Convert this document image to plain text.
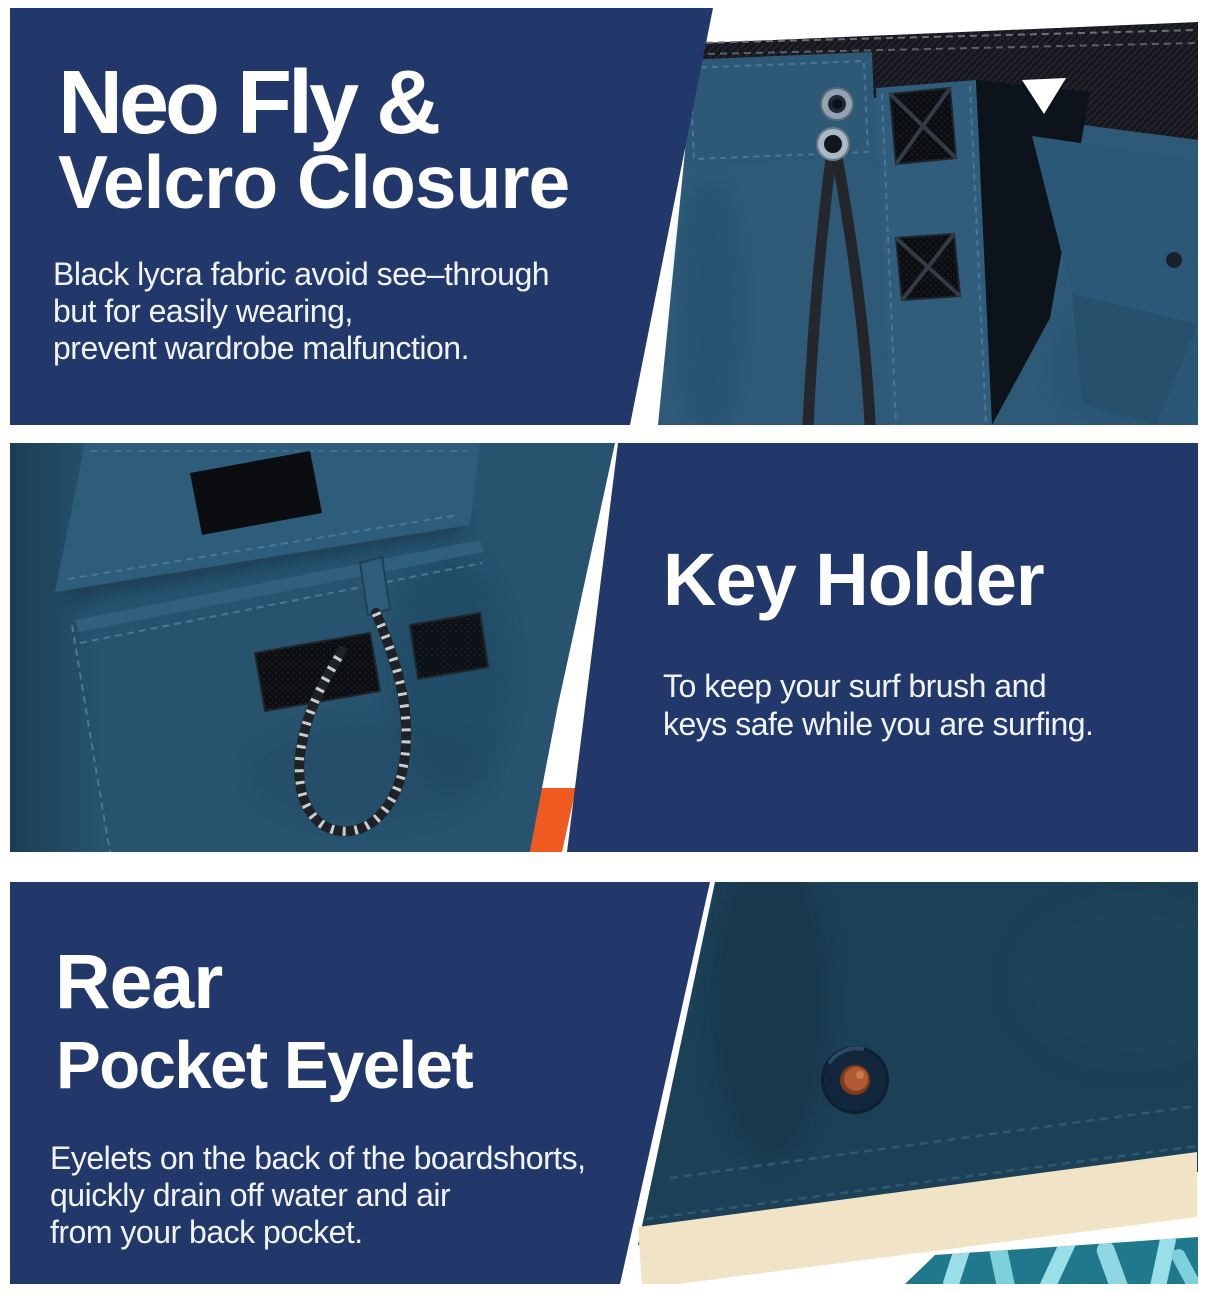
Neo Fly &
Velcro Closure
Black lycra fabric avoid see–through
but for easily wearing,
prevent wardrobe malfunction.
Key Holder
To keep your surf brush and
keys safe while you are surfing.
Rear
Pocket Eyelet
Eyelets on the back of the boardshorts,
quickly drain off water and air
from your back pocket.
